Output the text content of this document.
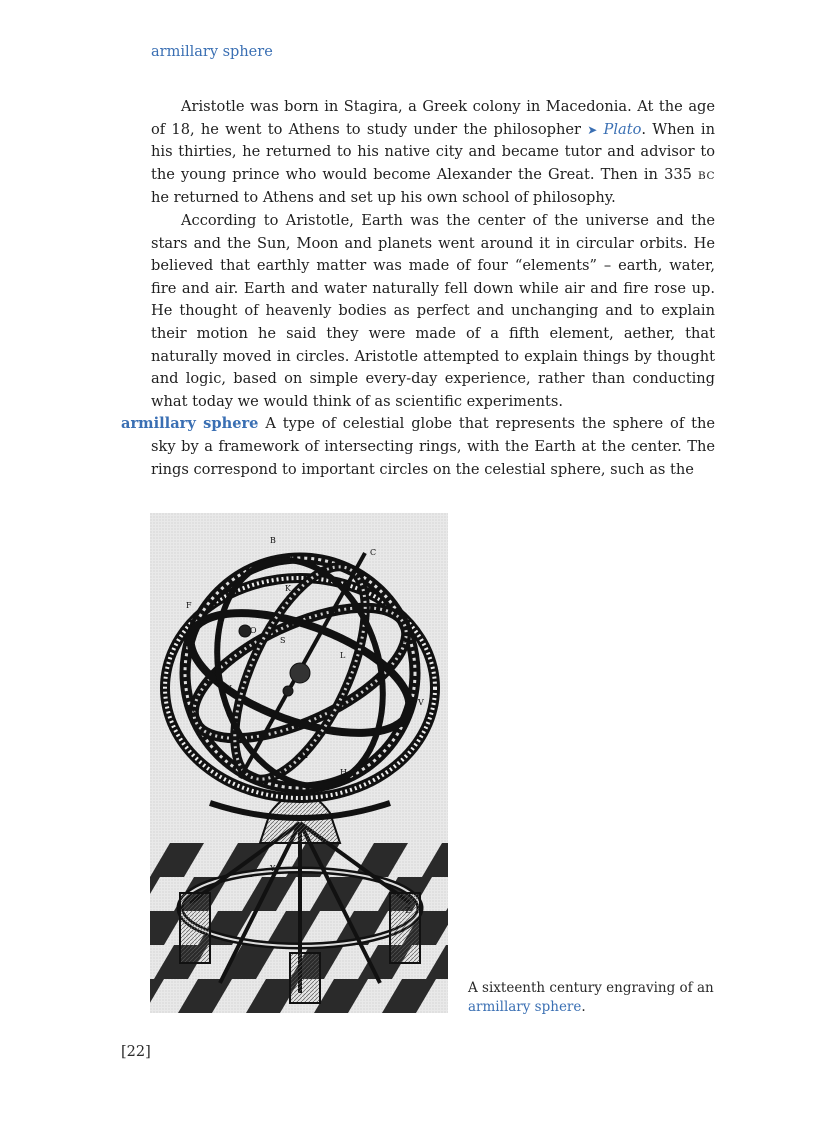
armillary sphere

Aristotle was born in Stagira, a Greek colony in Macedonia. At the age of 18, he went to Athens to study under the philosopher ➤ Plato. When in his thirties, he returned to his native city and became tutor and advisor to the young prince who would become Alexander the Great. Then in 335 BC he returned to Athens and set up his own school of philosophy.

According to Aristotle, Earth was the center of the universe and the stars and the Sun, Moon and planets went around it in circular orbits. He believed that earthly matter was made of four “elements” – earth, water, fire and air. Earth and water naturally fell down while air and fire rose up. He thought of heavenly bodies as perfect and unchanging and to explain their motion he said they were made of a fifth element, aether, that naturally moved in circles. Aristotle attempted to explain things by thought and logic, based on simple every-day experience, rather than conducting what today we would think of as scientific experiments.

armillary sphere A type of celestial globe that represents the sphere of the sky by a framework of intersecting rings, with the Earth at the center. The rings correspond to important circles on the celestial sphere, such as the

B
C
E
F
K
G
O
S
L
I
N
H
M
V
X
Y
Z
A sixteenth century engraving of an armillary sphere.
[22]
